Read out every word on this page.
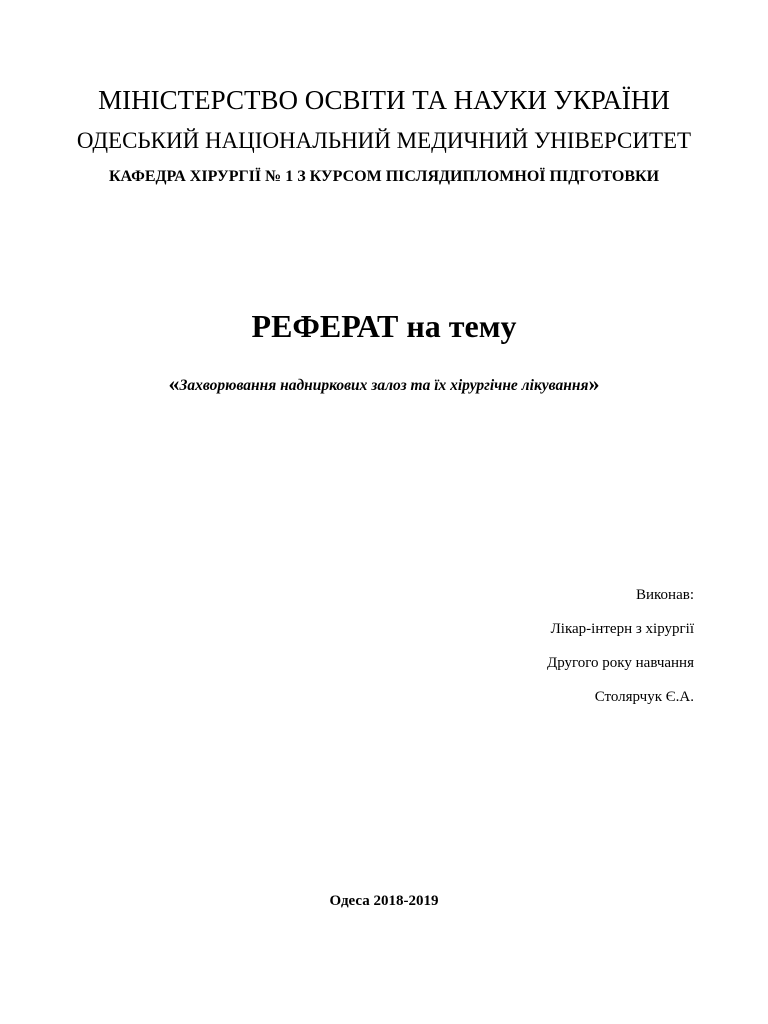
МІНІСТЕРСТВО ОСВІТИ ТА НАУКИ УКРАЇНИ
ОДЕСЬКИЙ НАЦІОНАЛЬНИЙ МЕДИЧНИЙ УНІВЕРСИТЕТ
КАФЕДРА ХІРУРГІЇ № 1 З КУРСОМ ПІСЛЯДИПЛОМНОЇ ПІДГОТОВКИ
РЕФЕРАТ на тему
«Захворювання надниркових залоз та їх хірургічне лікування»
Виконав:
Лікар-інтерн з хірургії
Другого року навчання
Столярчук Є.А.
Одеса 2018-2019
